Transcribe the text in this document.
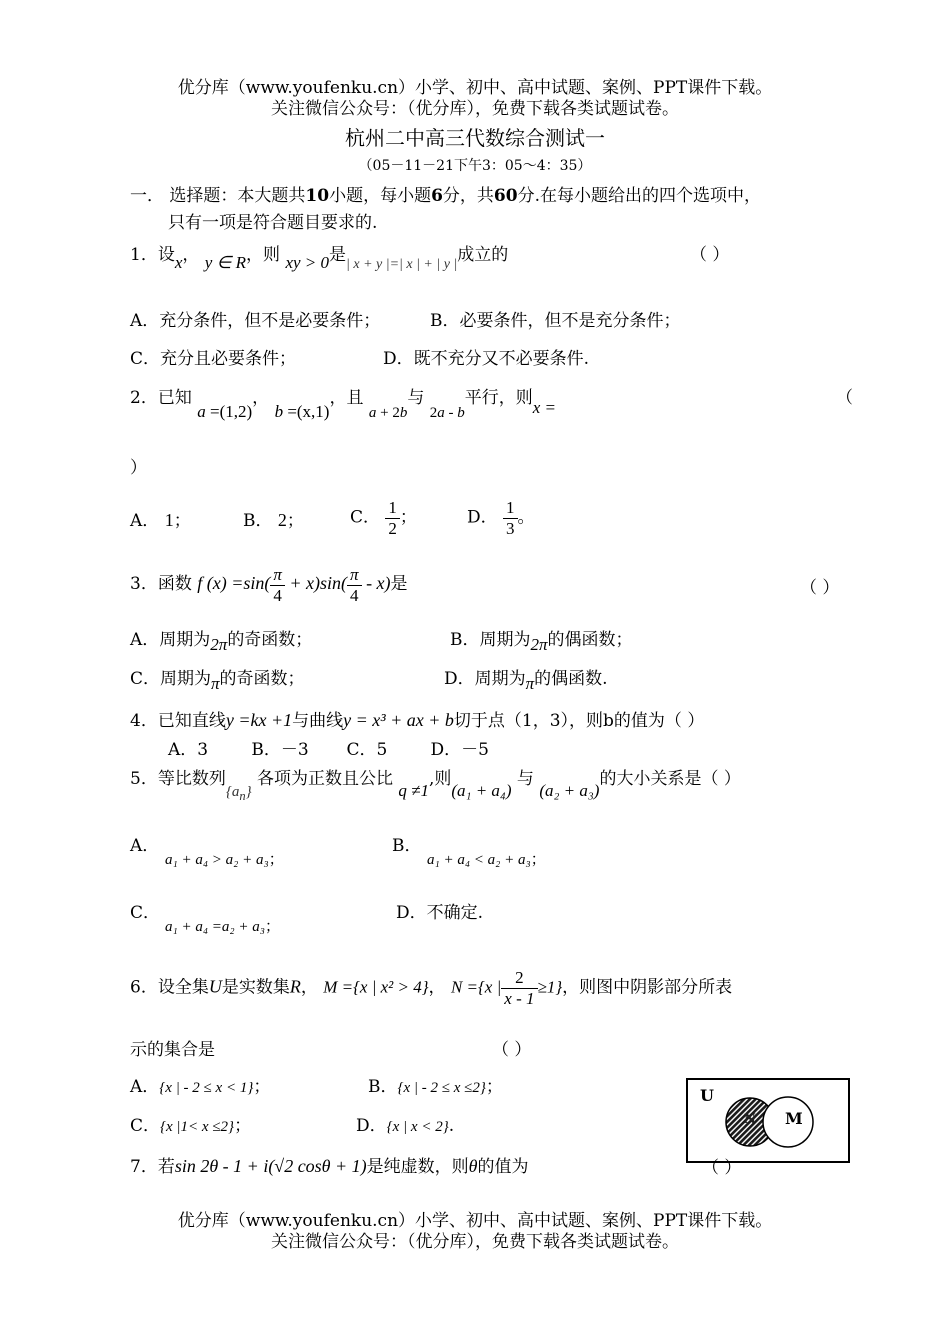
优分库（www.youfenku.cn）小学、初中、高中试题、案例、PPT课件下载。
关注微信公众号：（优分库），免费下载各类试题试卷。
杭州二中高三代数综合测试一
（05－11－21下午3：05～4：35）
一． 选择题：本大题共10小题，每小题6分，共60分.在每小题给出的四个选项中，
只有一项是符合题目要求的.
1．设x， y ∈ R，则 xy > 0是$_{| x + y |=| x | + | y |}$成立的	（ ）
A．充分条件，但不是必要条件；	B．必要条件，但不是充分条件；
C．充分且必要条件；	D．既不充分又不必要条件.
2．已知 a =(1,2)， b =(x,1)，且 a + 2b与 2a - b平行，则x =	（
）
A． 1；	B． 2；	C． $\frac{1}{2}$ ；	D． $\frac{1}{3}$ 。
3．函数 f $(x) =\sin( \frac{\pi}{4} + x)\sin( \frac{\pi}{4} - x)$是	（ ）
A．周期为2π的奇函数；	B．周期为2π的偶函数；
C．周期为π的奇函数；	D．周期为π的偶函数.
4．已知直线y =kx +1与曲线y = x³ + ax + b切于点（1，3），则b的值为（ ）
A．3        B．－3       C．5        D．－5
5．等比数列$\{a_n\}$ 各项为正数且公比 q ≠1,则(a₁ + a₄) 与 (a₂ + a₃)的大小关系是（ ）
A．
a₁ + a₄ > a₂ + a₃；
B．
a₁ + a₄ < a₂ + a₃；
C．
a₁ + a₄ =a₂ + a₃；
D．不确定.
6．设全集U是实数集R， M ={x | x² > 4}， N ={x | $\frac{2}{x - 1} \ge 1$}，则图中阴影部分所表
示的集合是	（ ）
A．{x | - 2 ≤ x < 1}；	B．{x | - 2 ≤ x ≤2}；
C．{x |1< x ≤2}；	D．{x | x < 2}.
U
N M
7．若sin 2θ - 1 + i(√2 cosθ + 1)是纯虚数，则θ的值为	（ ）
优分库（www.youfenku.cn）小学、初中、高中试题、案例、PPT课件下载。
关注微信公众号：（优分库），免费下载各类试题试卷。
